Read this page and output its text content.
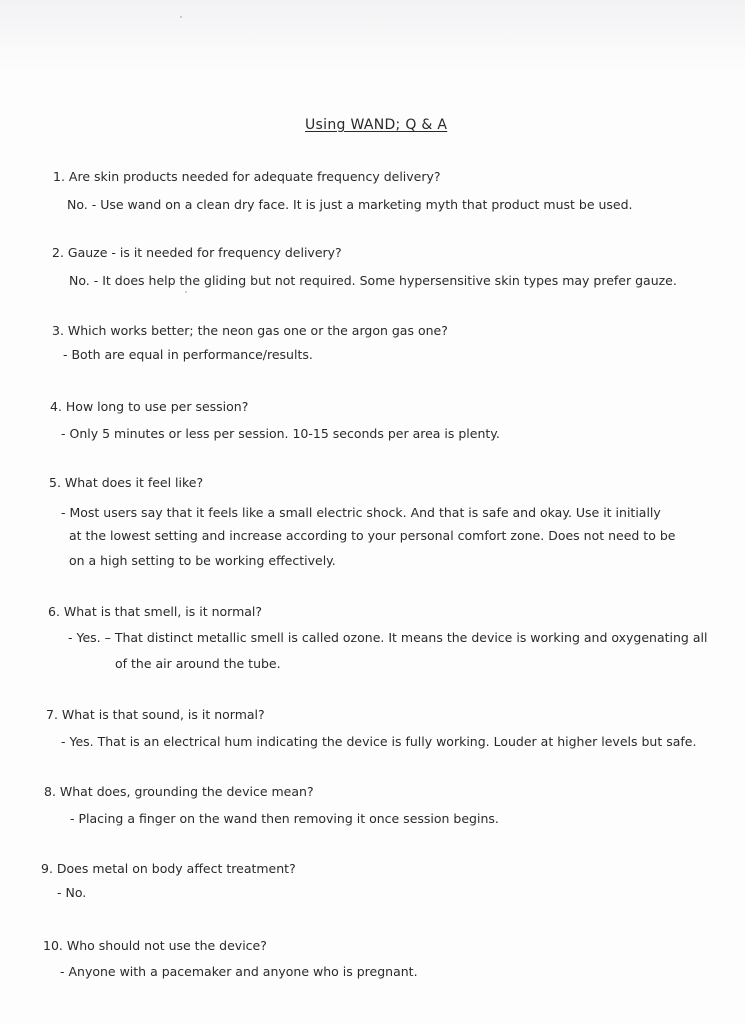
Using WAND; Q & A
1. Are skin products needed for adequate frequency delivery?
No. - Use wand on a clean dry face. It is just a marketing myth that product must be used.
2. Gauze - is it needed for frequency delivery?
No. - It does help the gliding but not required. Some hypersensitive skin types may prefer gauze.
3. Which works better; the neon gas one or the argon gas one?
- Both are equal in performance/results.
4. How long to use per session?
- Only 5 minutes or less per session. 10-15 seconds per area is plenty.
5. What does it feel like?
- Most users say that it feels like a small electric shock. And that is safe and okay. Use it initially
at the lowest setting and increase according to your personal comfort zone. Does not need to be
on a high setting to be working effectively.
6. What is that smell, is it normal?
- Yes. – That distinct metallic smell is called ozone. It means the device is working and oxygenating all
of the air around the tube.
7. What is that sound, is it normal?
- Yes. That is an electrical hum indicating the device is fully working. Louder at higher levels but safe.
8. What does, grounding the device mean?
- Placing a finger on the wand then removing it once session begins.
9. Does metal on body affect treatment?
- No.
10. Who should not use the device?
- Anyone with a pacemaker and anyone who is pregnant.
